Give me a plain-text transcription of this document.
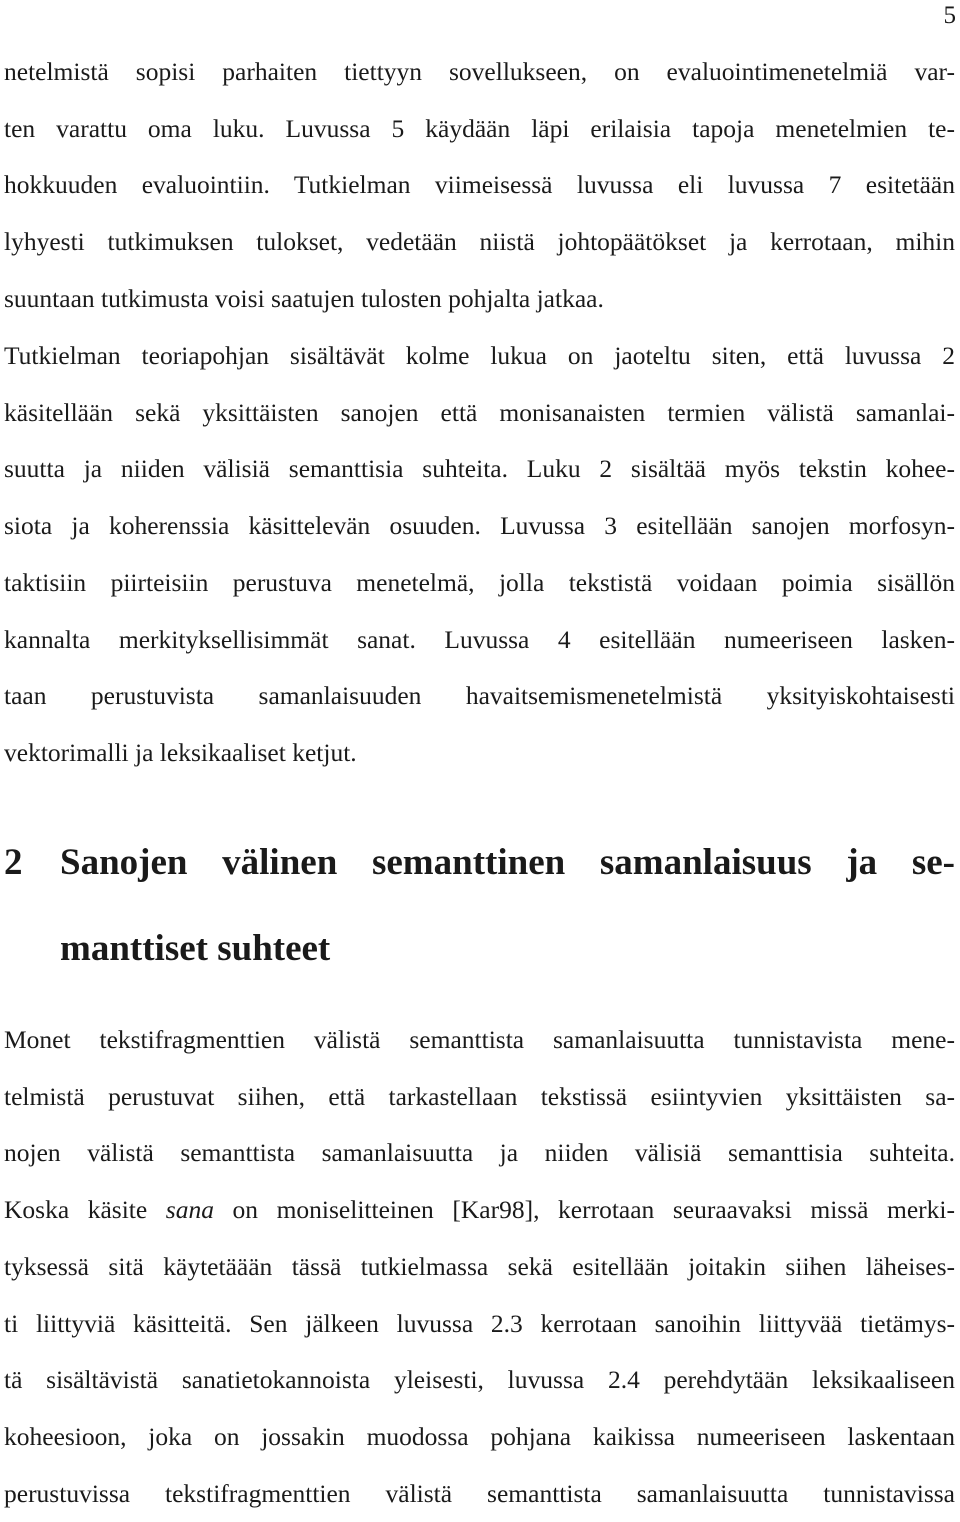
5

netelmistä sopisi parhaiten tiettyyn sovellukseen, on evaluointimenetelmiä var-
ten varattu oma luku. Luvussa 5 käydään läpi erilaisia tapoja menetelmien te-
hokkuuden evaluointiin. Tutkielman viimeisessä luvussa eli luvussa 7 esitetään
lyhyesti tutkimuksen tulokset, vedetään niistä johtopäätökset ja kerrotaan, mihin
suuntaan tutkimusta voisi saatujen tulosten pohjalta jatkaa.

Tutkielman teoriapohjan sisältävät kolme lukua on jaoteltu siten, että luvussa 2
käsitellään sekä yksittäisten sanojen että monisanaisten termien välistä samanlai-
suutta ja niiden välisiä semanttisia suhteita. Luku 2 sisältää myös tekstin kohee-
siota ja koherenssia käsittelevän osuuden. Luvussa 3 esitellään sanojen morfosyn-
taktisiin piirteisiin perustuva menetelmä, jolla tekstistä voidaan poimia sisällön
kannalta merkityksellisimmät sanat. Luvussa 4 esitellään numeeriseen lasken-
taan perustuvista samanlaisuuden havaitsemismenetelmistä yksityiskohtaisesti
vektorimalli ja leksikaaliset ketjut.

2 Sanojen välinen semanttinen samanlaisuus ja se-
manttiset suhteet

Monet tekstifragmenttien välistä semanttista samanlaisuutta tunnistavista mene-
telmistä perustuvat siihen, että tarkastellaan tekstissä esiintyvien yksittäisten sa-
nojen välistä semanttista samanlaisuutta ja niiden välisiä semanttisia suhteita.
Koska käsite sana on moniselitteinen [Kar98], kerrotaan seuraavaksi missä merki-
tyksessä sitä käytetäään tässä tutkielmassa sekä esitellään joitakin siihen läheises-
ti liittyviä käsitteitä. Sen jälkeen luvussa 2.3 kerrotaan sanoihin liittyvää tietämys-
tä sisältävistä sanatietokannoista yleisesti, luvussa 2.4 perehdytään leksikaaliseen
koheesioon, joka on jossakin muodossa pohjana kaikissa numeeriseen laskentaan
perustuvissa tekstifragmenttien välistä semanttista samanlaisuutta tunnistavissa
